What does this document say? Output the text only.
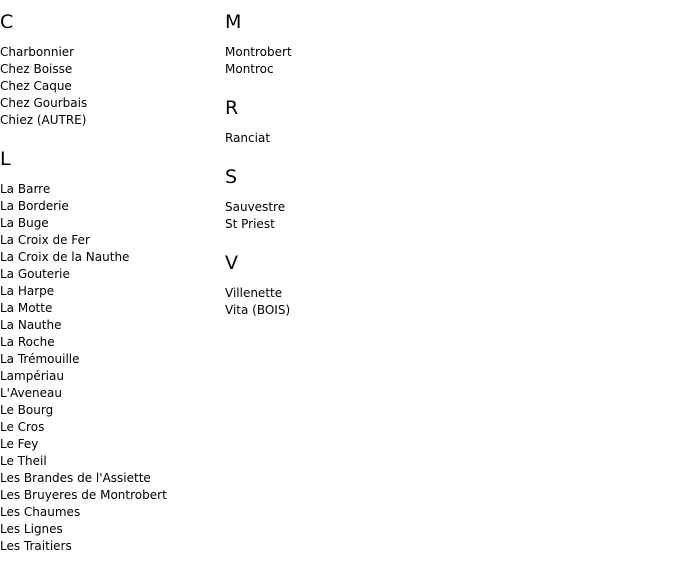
C
Charbonnier
Chez Boisse
Chez Caque
Chez Gourbais
Chiez (AUTRE)
L
La Barre
La Borderie
La Buge
La Croix de Fer
La Croix de la Nauthe
La Gouterie
La Harpe
La Motte
La Nauthe
La Roche
La Trémouille
Lampériau
L'Aveneau
Le Bourg
Le Cros
Le Fey
Le Theil
Les Brandes de l'Assiette
Les Bruyeres de Montrobert
Les Chaumes
Les Lignes
Les Traitiers
M
Montrobert
Montroc
R
Ranciat
S
Sauvestre
St Priest
V
Villenette
Vita (BOIS)
